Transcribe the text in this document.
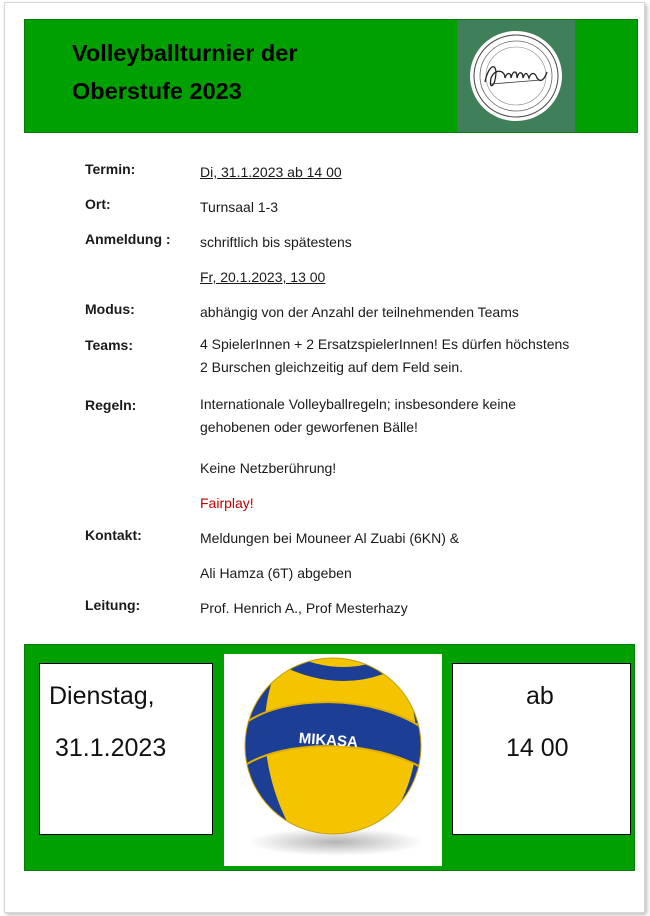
Volleyballturnier der
Oberstufe 2023
Termin:	Di, 31.1.2023 ab 14 00
Ort:	Turnsaal 1-3
Anmeldung : schriftlich bis spätestens
Fr, 20.1.2023, 13 00
Modus:	abhängig von der Anzahl der teilnehmenden Teams
Teams:	4 SpielerInnen + 2 ErsatzspielerInnen! Es dürfen höchstens 2 Burschen gleichzeitig auf dem Feld sein.
Regeln:	Internationale Volleyballregeln; insbesondere keine gehobenen oder geworfenen Bälle!
Keine Netzberührung!
Fairplay!
Kontakt:	Meldungen bei Mouneer Al Zuabi (6KN) &
Ali Hamza (6T) abgeben
Leitung:	Prof. Henrich A., Prof Mesterhazy
Dienstag,
31.1.2023	MIKASA
ab
14 00
